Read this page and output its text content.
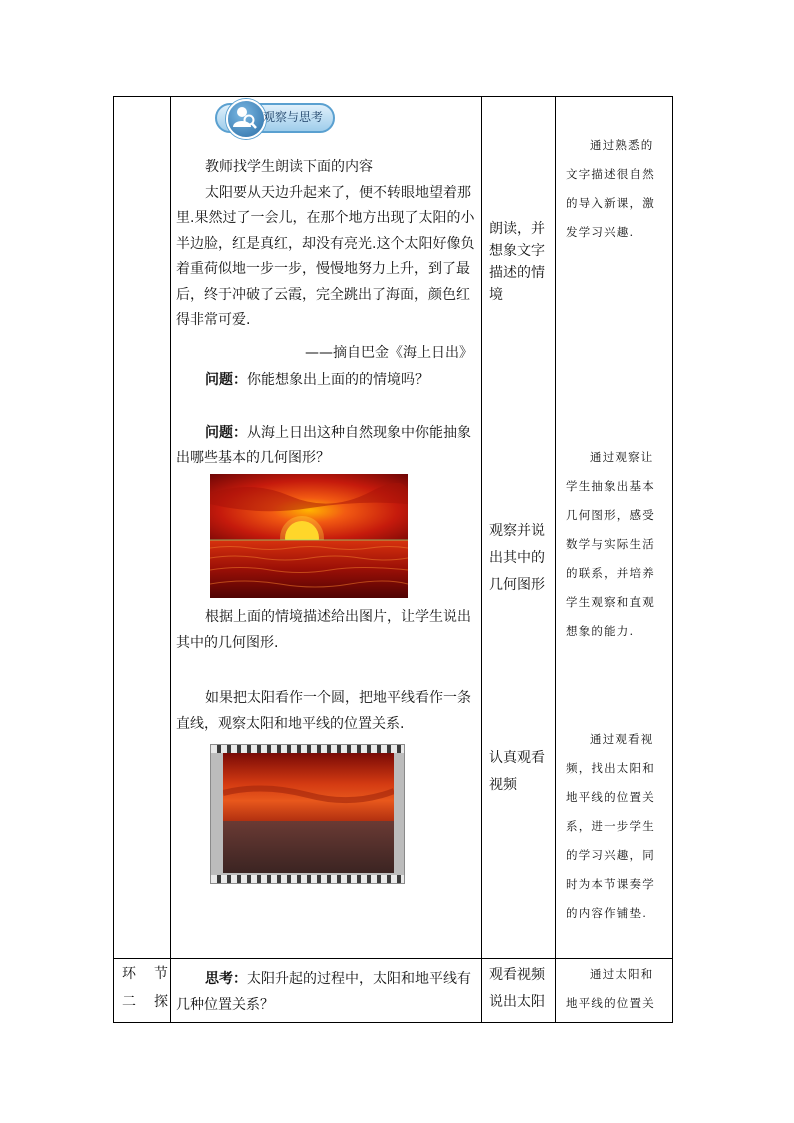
观察与思考
教师找学生朗读下面的内容
太阳要从天边升起来了，便不转眼地望着那
里.果然过了一会儿，在那个地方出现了太阳的小
半边脸，红是真红，却没有亮光.这个太阳好像负
着重荷似地一步一步，慢慢地努力上升，到了最
后，终于冲破了云霞，完全跳出了海面，颜色红
得非常可爱.
——摘自巴金《海上日出》
问题：你能想象出上面的的情境吗？
问题：从海上日出这种自然现象中你能抽象
出哪些基本的几何图形？
根据上面的情境描述给出图片，让学生说出
其中的几何图形.
如果把太阳看作一个圆，把地平线看作一条
直线，观察太阳和地平线的位置关系.
思考：太阳升起的过程中，太阳和地平线有
几种位置关系？
环　节
二　探
朗读，并
想象文字
描述的情
境
观察并说
出其中的
几何图形
认真观看
视频
观看视频
说出太阳
通过熟悉的
文字描述很自然
的导入新课，激
发学习兴趣.
通过观察让
学生抽象出基本
几何图形，感受
数学与实际生活
的联系，并培养
学生观察和直观
想象的能力.
通过观看视
频，找出太阳和
地平线的位置关
系，进一步学生
的学习兴趣，同
时为本节课奏学
的内容作铺垫.
通过太阳和
地平线的位置关
